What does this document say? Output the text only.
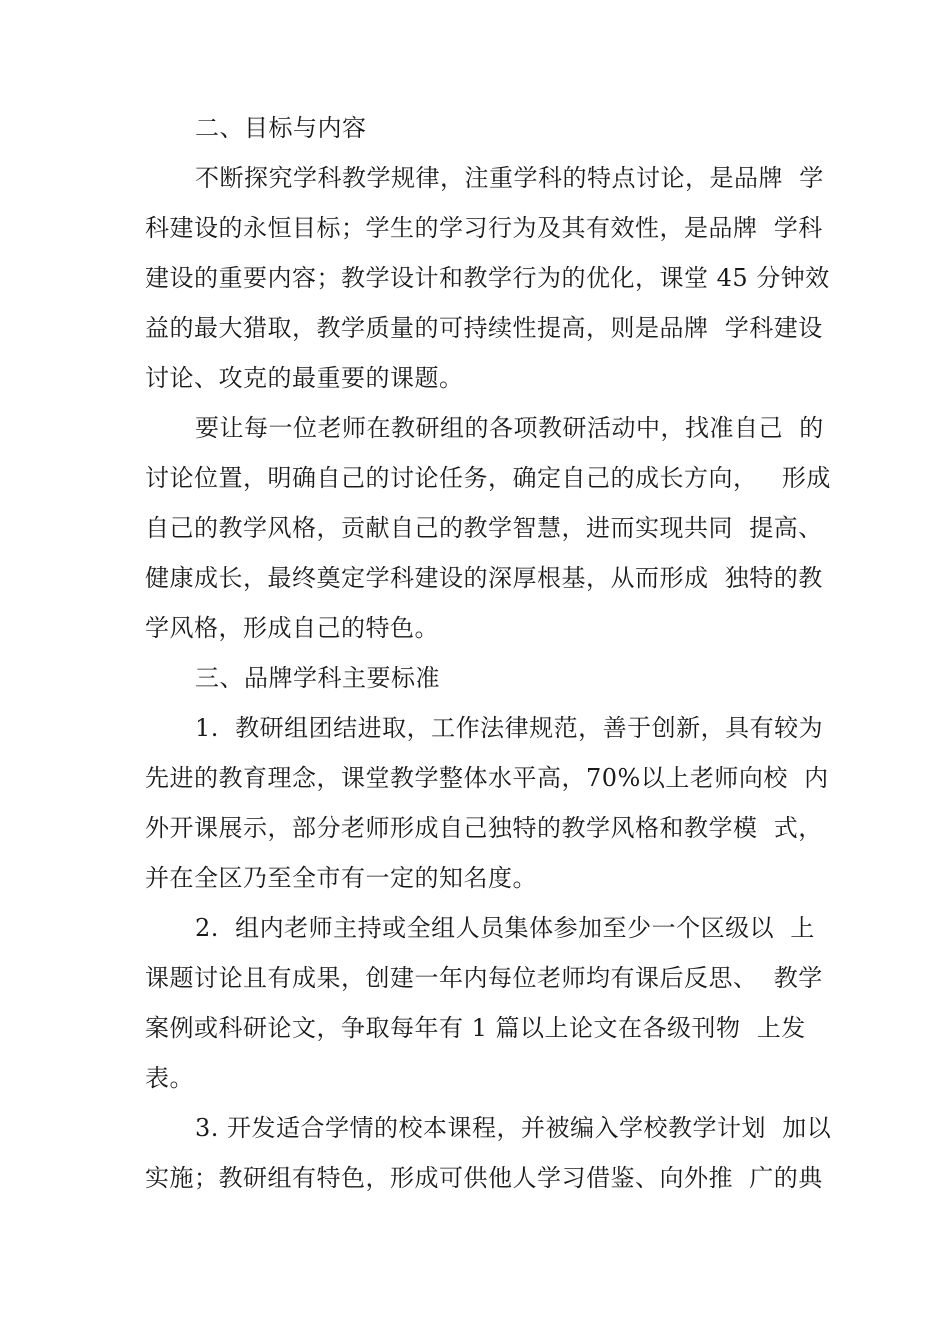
二、目标与内容
不断探究学科教学规律，注重学科的特点讨论，是品牌  学
科建设的永恒目标；学生的学习行为及其有效性，是品牌  学科
建设的重要内容；教学设计和教学行为的优化，课堂 45 分钟效
益的最大猎取，教学质量的可持续性提高，则是品牌  学科建设
讨论、攻克的最重要的课题。
要让每一位老师在教研组的各项教研活动中，找准自己  的
讨论位置，明确自己的讨论任务，确定自己的成长方向，   形成
自己的教学风格，贡献自己的教学智慧，进而实现共同  提高、
健康成长，最终奠定学科建设的深厚根基，从而形成  独特的教
学风格，形成自己的特色。
三、品牌学科主要标准
1.  教研组团结进取，工作法律规范，善于创新，具有较为
先进的教育理念，课堂教学整体水平高，70%以上老师向校  内
外开课展示，部分老师形成自己独特的教学风格和教学模  式，
并在全区乃至全市有一定的知名度。
2.  组内老师主持或全组人员集体参加至少一个区级以  上
课题讨论且有成果，创建一年内每位老师均有课后反思、  教学
案例或科研论文，争取每年有 1 篇以上论文在各级刊物  上发
表。
3. 开发适合学情的校本课程，并被编入学校教学计划  加以
实施；教研组有特色，形成可供他人学习借鉴、向外推  广的典
